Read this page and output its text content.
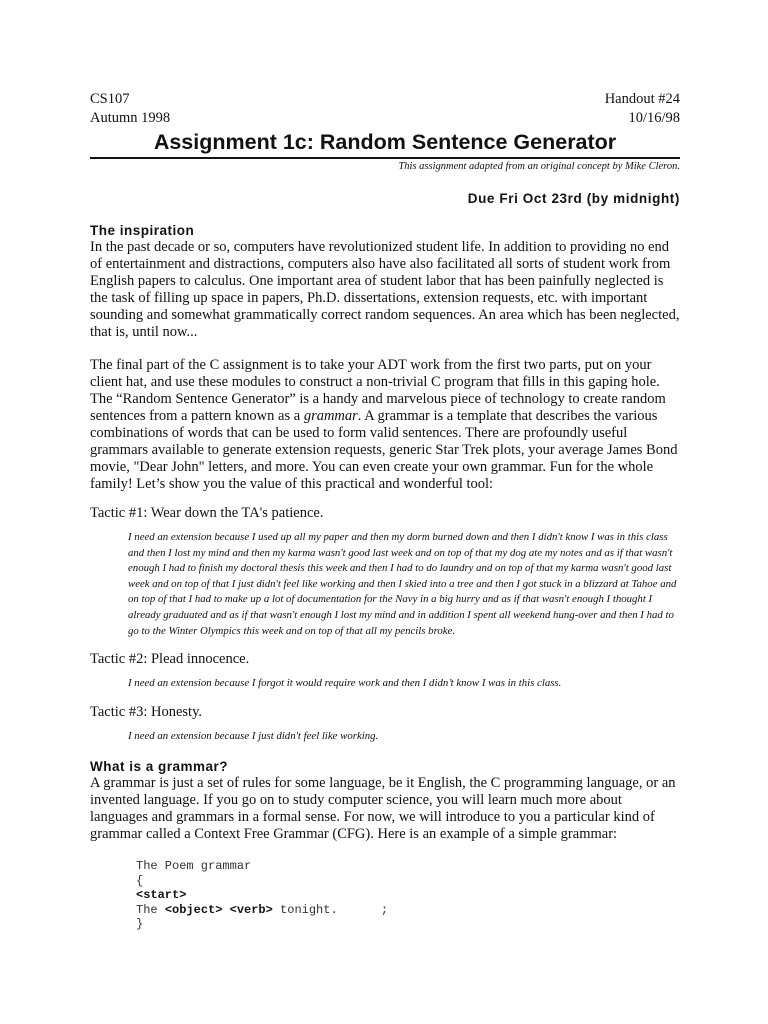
CS107	Handout #24
Autumn 1998	10/16/98
Assignment 1c: Random Sentence Generator
This assignment adapted from an original concept by Mike Cleron.
Due Fri Oct 23rd (by midnight)
The inspiration

In the past decade or so, computers have revolutionized student life. In addition to providing no end of entertainment and distractions, computers also have also facilitated all sorts of student work from English papers to calculus. One important area of student labor that has been painfully neglected is the task of filling up space in papers, Ph.D. dissertations, extension requests, etc. with important sounding and somewhat grammatically correct random sequences. An area which has been neglected, that is, until now...

The final part of the C assignment is to take your ADT work from the first two parts, put on your client hat, and use these modules to construct a non-trivial C program that fills in this gaping hole. The “Random Sentence Generator” is a handy and marvelous piece of technology to create random sentences from a pattern known as a grammar. A grammar is a template that describes the various combinations of words that can be used to form valid sentences. There are profoundly useful grammars available to generate extension requests, generic Star Trek plots, your average James Bond movie, "Dear John" letters, and more. You can even create your own grammar. Fun for the whole family! Let’s show you the value of this practical and wonderful tool:

Tactic #1: Wear down the TA's patience.

I need an extension because I used up all my paper and then my dorm burned down and then I didn't know I was in this class and then I lost my mind and then my karma wasn't good last week and on top of that my dog ate my notes and as if that wasn't enough I had to finish my doctoral thesis this week and then I had to do laundry and on top of that my karma wasn't good last week and on top of that I just didn't feel like working and then I skied into a tree and then I got stuck in a blizzard at Tahoe and on top of that I had to make up a lot of documentation for the Navy in a big hurry and as if that wasn't enough I thought I already graduated and as if that wasn't enough I lost my mind and in addition I spent all weekend hung-over and then I had to go to the Winter Olympics this week and on top of that all my pencils broke.

Tactic #2: Plead innocence.

I need an extension because I forgot it would require work and then I didn’t know I was in this class.

Tactic #3: Honesty.

I need an extension because I just didn't feel like working.

What is a grammar?

A grammar is just a set of rules for some language, be it English, the C programming language, or an invented language. If you go on to study computer science, you will learn much more about languages and grammars in a formal sense. For now, we will introduce to you a particular kind of grammar called a Context Free Grammar (CFG). Here is an example of a simple grammar:

The Poem grammar
{
<start>
The <object> <verb> tonight.      ;
}
